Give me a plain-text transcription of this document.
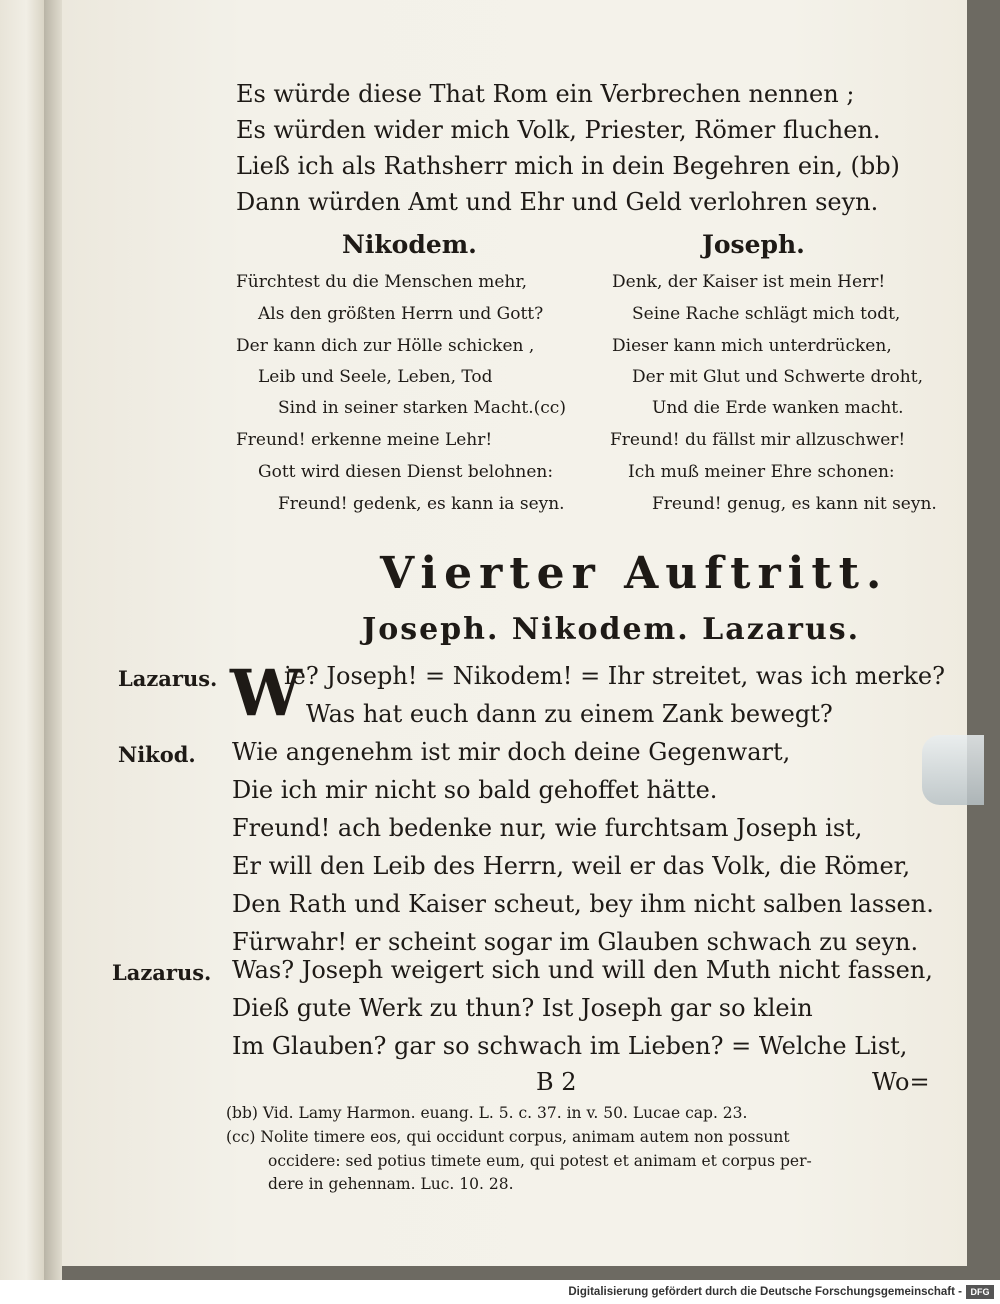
Es würde diese That Rom ein Verbrechen nennen ;
Es würden wider mich Volk, Priester, Römer fluchen.
Ließ ich als Rathsherr mich in dein Begehren ein, (bb)
Dann würden Amt und Ehr und Geld verlohren seyn.
Nikodem.	Joseph.
Fürchtest du die Menschen mehr,
Als den größten Herrn und Gott?
Der kann dich zur Hölle schicken ,
Leib und Seele, Leben, Tod
Sind in seiner starken Macht.(cc)
Freund! erkenne meine Lehr!
Gott wird diesen Dienst belohnen:
Freund! gedenk, es kann ia seyn.
Denk, der Kaiser ist mein Herr!
Seine Rache schlägt mich todt,
Dieser kann mich unterdrücken,
Der mit Glut und Schwerte droht,
Und die Erde wanken macht.
Freund! du fällst mir allzuschwer!
Ich muß meiner Ehre schonen:
Freund! genug, es kann nit seyn.
Vierter Auftritt.
Joseph. Nikodem. Lazarus.
Lazarus. W
ie? Joseph! = Nikodem! = Ihr streitet, was ich merke?
Was hat euch dann zu einem Zank bewegt?
Nikod. Wie angenehm ist mir doch deine Gegenwart,
Die ich mir nicht so bald gehoffet hätte.
Freund! ach bedenke nur, wie furchtsam Joseph ist,
Er will den Leib des Herrn, weil er das Volk, die Römer,
Den Rath und Kaiser scheut, bey ihm nicht salben lassen.
Fürwahr! er scheint sogar im Glauben schwach zu seyn.
Lazarus. Was? Joseph weigert sich und will den Muth nicht fassen,
Dieß gute Werk zu thun? Ist Joseph gar so klein
Im Glauben? gar so schwach im Lieben? = Welche List,
B 2	Wo=
(bb) Vid. Lamy Harmon. euang. L. 5. c. 37. in v. 50. Lucae cap. 23.
(cc) Nolite timere eos, qui occidunt corpus, animam autem non possunt
occidere: sed potius timete eum, qui potest et animam et corpus per-
dere in gehennam. Luc. 10. 28.
Digitalisierung gefördert durch die Deutsche Forschungsgemeinschaft - DFG
